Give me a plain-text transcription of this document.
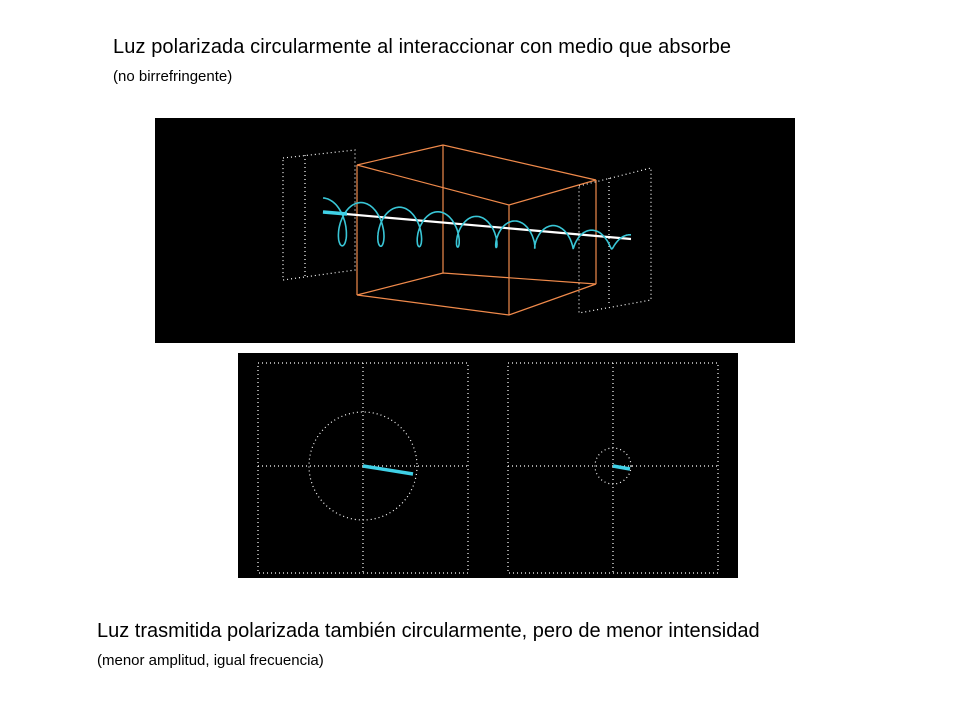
Luz polarizada circularmente al interaccionar con medio que absorbe
(no birrefringente)
Luz trasmitida polarizada también circularmente, pero de menor intensidad
(menor amplitud, igual frecuencia)
